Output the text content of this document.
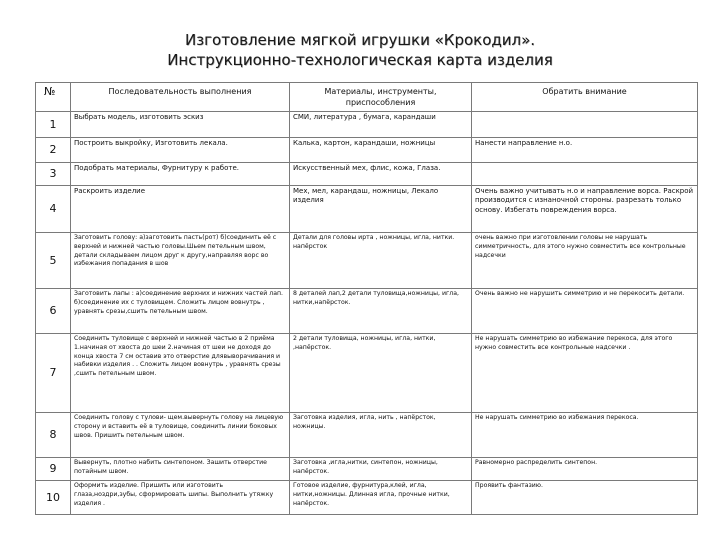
Изготовление мягкой игрушки «Крокодил».
Инструкционно-технологическая карта изделия
№	Последовательность выполнения	Материалы, инструменты, приспособления	Обратить внимание
1	Выбрать модель, изготовить эскиз	СМИ, литература , бумага, карандаши	
2	Построить выкройку, Изготовить лекала.	Калька, картон, карандаши, ножницы	Нанести направление н.о.
3	Подобрать материалы, Фурнитуру к работе.	Искусственный мех, флис, кожа, Глаза.	
4	Раскроить изделие	Мех, мел, карандаш, ножницы, Лекало изделия	Очень важно учитывать н.о и направление ворса. Раскрой производится с изнаночной стороны. разрезать только основу. Избегать повреждения ворса.
5	Заготовить голову: а)заготовить пасть(рот) б)соединить её с верхней и нижней частью головы.Шьем петельным швом, детали складываем лицом друг к другу,направляя ворс во избежания попадания в шов	Детали для головы ирта , ножницы, игла, нитки. напёрсток	очень важно при изготовлении головы не нарушать симметричность, для этого нужно совместить все контрольные надсечки
6	Заготовить лапы : а)соединение верхних и нижних частей лап. б)соединение их с туловищем. Сложить лицом вовнутрь , уравнять срезы,сшить петельным швом.	8 деталей лап,2 детали туловища,ножницы, игла, нитки,напёрсток.	Очень важно не нарушить симметрию и не перекосить детали.
7	Соединить туловище с верхней и нижней частью в 2 приёма 1.начиная от хвоста до шеи 2.начиная от шеи не доходя до конца хвоста 7 см оставив это отверстие длявыворачивания и набивки изделия . . Сложить лицом вовнутрь , уравнять срезы ,сшить петельным швом.	2 детали туловища, ножницы, игла, нитки, ,напёрсток.	Не нарушать симметрию во избежание перекоса, для этого нужно совместить все контрольные надсечки .
8	Соединить голову с тулови- щем.вывернуть голову на лицевую сторону и вставить её в туловище, соединить линии боковых швов. Пришить петельным швом.	Заготовка изделия, игла, нить , напёрсток, ножницы.	Не нарушать симметрию во избежания перекоса.
9	Вывернуть, плотно набить синтепоном. Зашить отверстие потайным швом.	Заготовка ,игла,нитки, синтепон, ножницы, напёрсток.	Равномерно распределить синтепон.
10	Оформить изделие. Пришить или изготовить глаза,ноздри,зубы, сформировать шипы. Выполнить утяжку изделия .	Готовое изделие, фурнитура,клей, игла, нитки,ножницы. Длинная игла, прочные нитки, напёрсток.	Проявить фантазию.
